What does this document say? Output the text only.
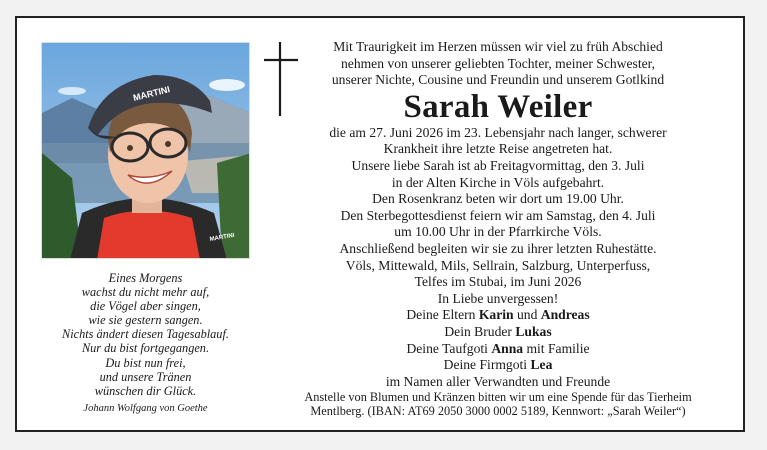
MARTINI
MARTINI
Eines Morgens
wachst du nicht mehr auf,
die Vögel aber singen,
wie sie gestern sangen.
Nichts ändert diesen Tagesablauf.
Nur du bist fortgegangen.
Du bist nun frei,
und unsere Tränen
wünschen dir Glück.
Johann Wolfgang von Goethe
Mit Traurigkeit im Herzen müssen wir viel zu früh Abschied
nehmen von unserer geliebten Tochter, meiner Schwester,
unserer Nichte, Cousine und Freundin und unserem Gotlkind
Sarah Weiler
die am 27. Juni 2026 im 23. Lebensjahr nach langer, schwerer
Krankheit ihre letzte Reise angetreten hat.
Unsere liebe Sarah ist ab Freitagvormittag, den 3. Juli
in der Alten Kirche in Völs aufgebahrt.
Den Rosenkranz beten wir dort um 19.00 Uhr.
Den Sterbegottesdienst feiern wir am Samstag, den 4. Juli
um 10.00 Uhr in der Pfarrkirche Völs.
Anschließend begleiten wir sie zu ihrer letzten Ruhestätte.
Völs, Mittewald, Mils, Sellrain, Salzburg, Unterperfuss,
Telfes im Stubai, im Juni 2026
In Liebe unvergessen!
Deine Eltern Karin und Andreas
Dein Bruder Lukas
Deine Taufgoti Anna mit Familie
Deine Firmgoti Lea
im Namen aller Verwandten und Freunde
Anstelle von Blumen und Kränzen bitten wir um eine Spende für das Tierheim
Mentlberg. (IBAN: AT69 2050 3000 0002 5189, Kennwort: „Sarah Weiler“)
